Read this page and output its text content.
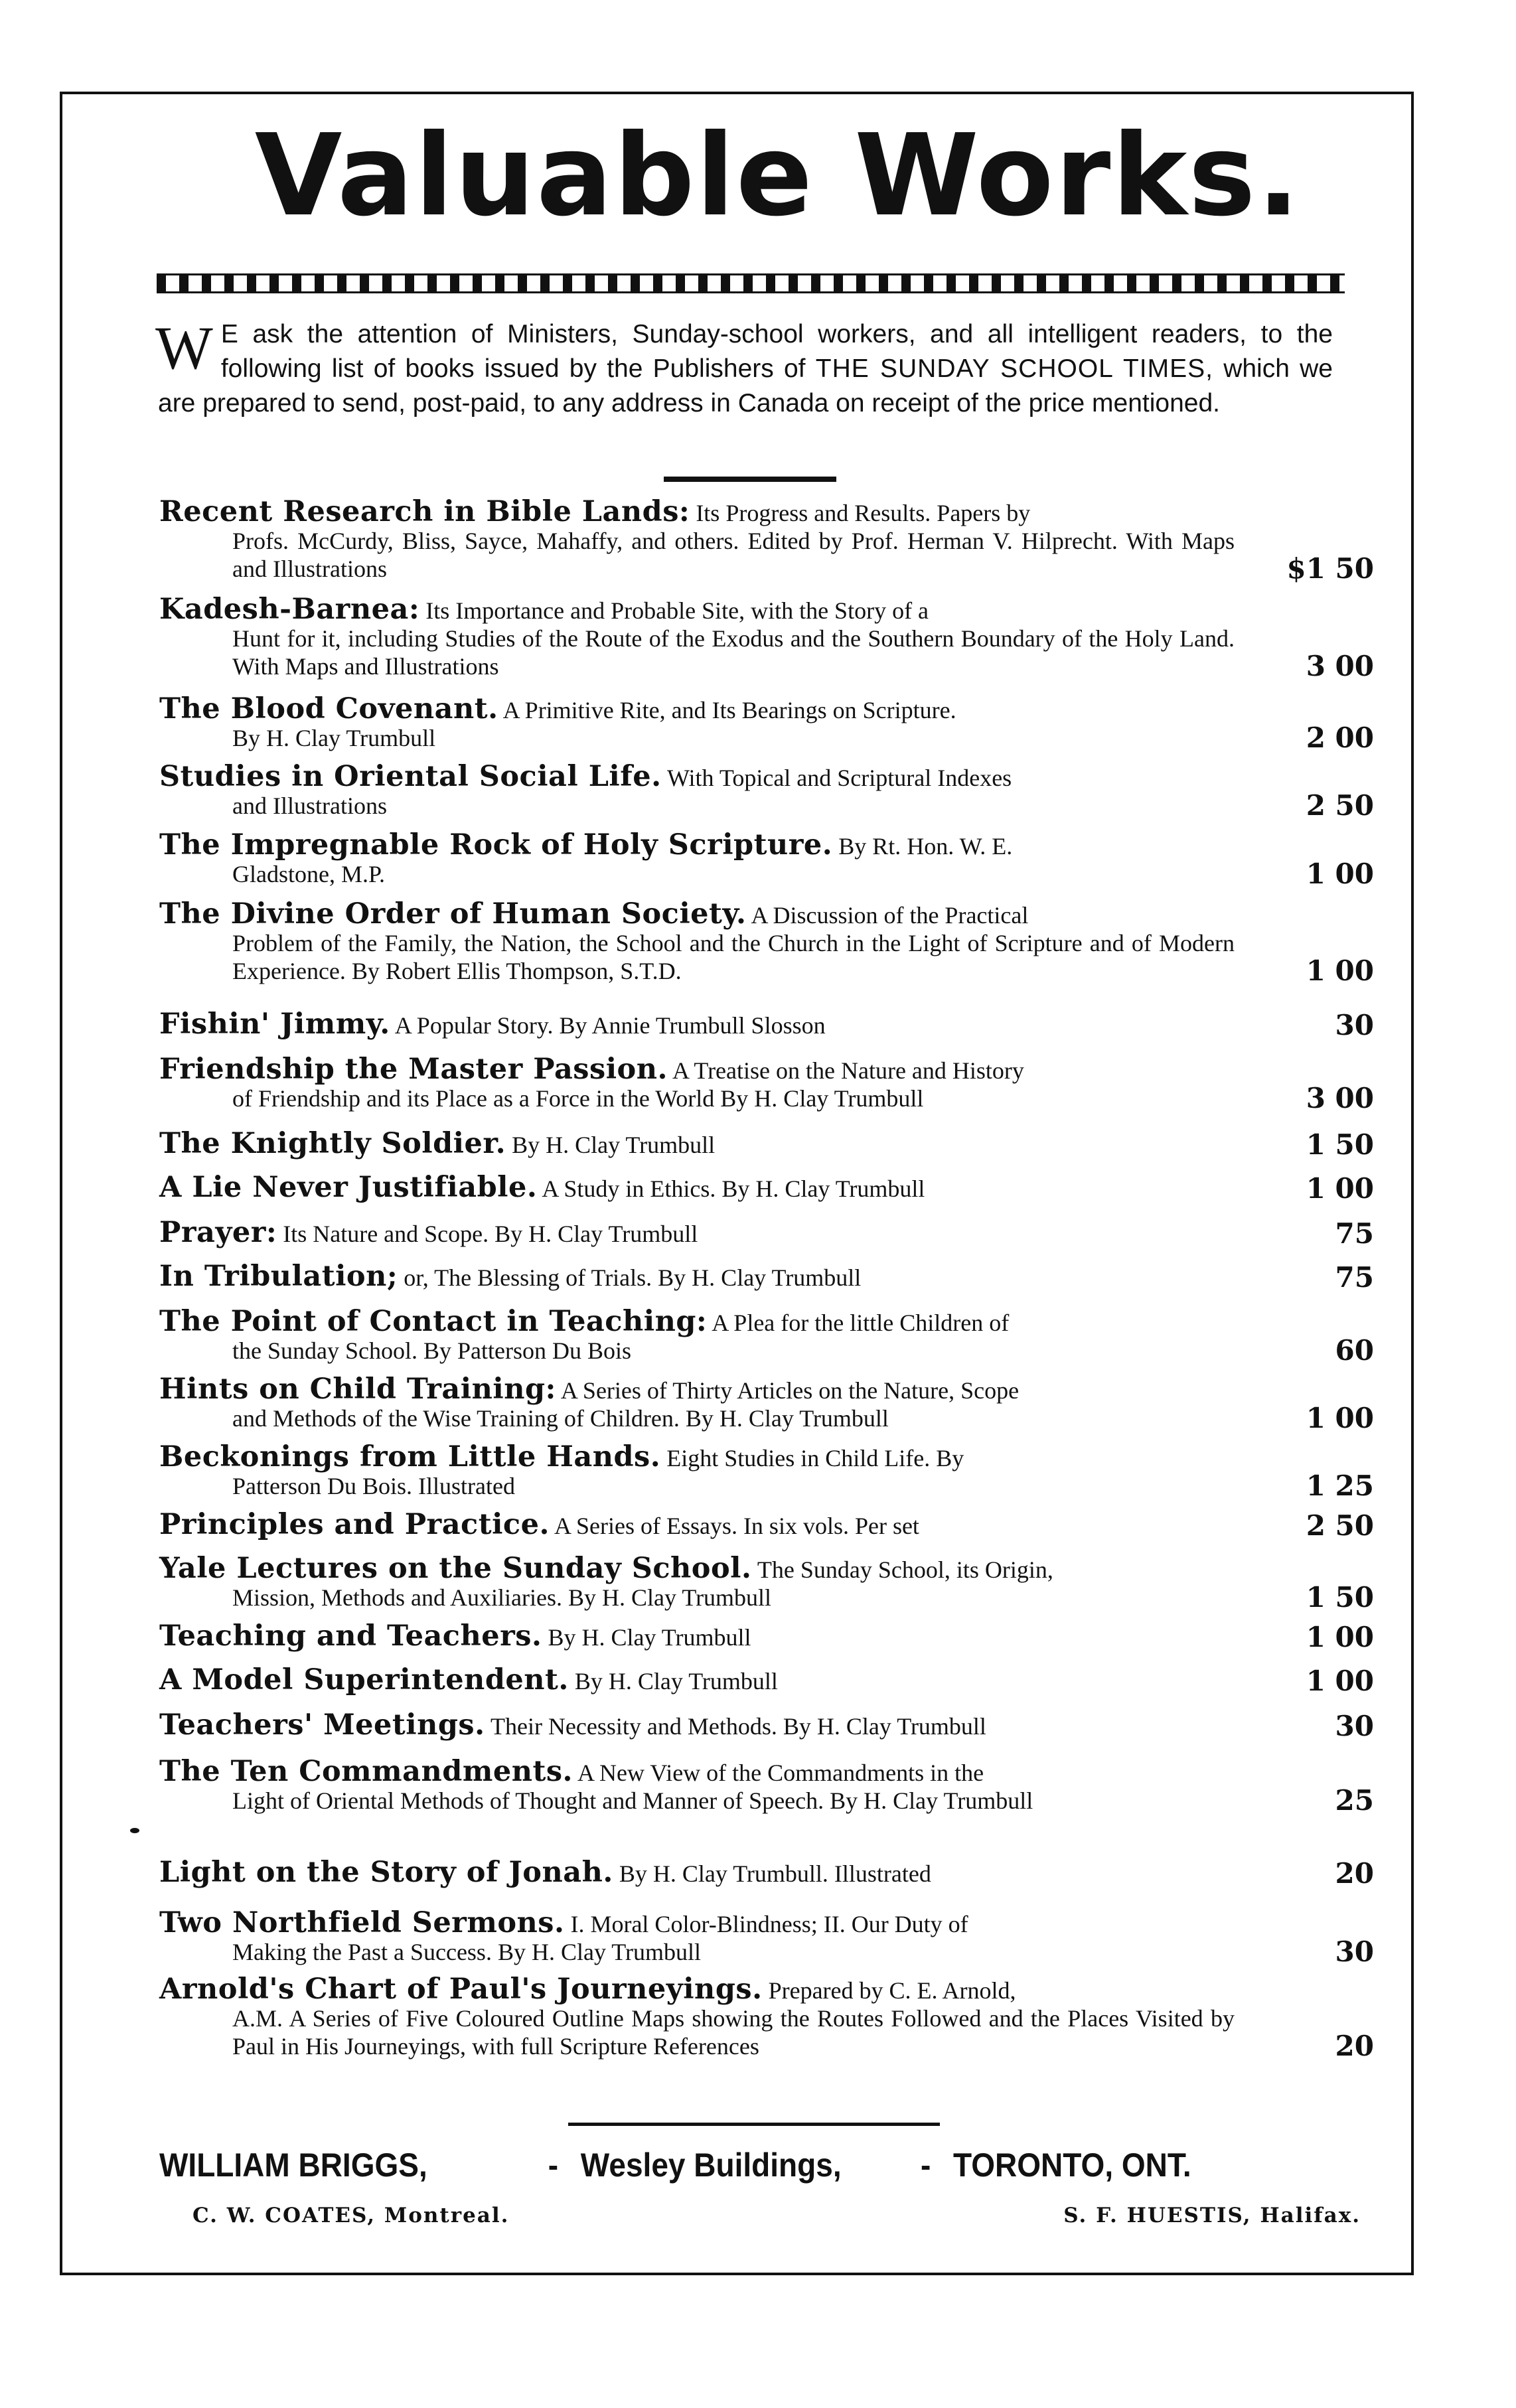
Valuable Works.

W E ask the attention of Ministers, Sunday-school workers, and all intelligent readers, to the following list of books issued by the Publishers of THE SUNDAY SCHOOL TIMES, which we are prepared to send, post-paid, to any address in Canada on receipt of the price mentioned.

Recent Research in Bible Lands: Its Progress and Results. Papers by
Profs. McCurdy, Bliss, Sayce, Mahaffy, and others. Edited by Prof. Herman V. Hilprecht. With Maps and Illustrations	$1 50
Kadesh-Barnea: Its Importance and Probable Site, with the Story of a
Hunt for it, including Studies of the Route of the Exodus and the Southern Boundary of the Holy Land. With Maps and Illustrations	3 00
The Blood Covenant. A Primitive Rite, and Its Bearings on Scripture.
By H. Clay Trumbull	2 00
Studies in Oriental Social Life. With Topical and Scriptural Indexes
and Illustrations	2 50
The Impregnable Rock of Holy Scripture. By Rt. Hon. W. E.
Gladstone, M.P.	1 00
The Divine Order of Human Society. A Discussion of the Practical
Problem of the Family, the Nation, the School and the Church in the Light of Scripture and of Modern Experience. By Robert Ellis Thompson, S.T.D.	1 00
Fishin' Jimmy. A Popular Story. By Annie Trumbull Slosson	30
Friendship the Master Passion. A Treatise on the Nature and History
of Friendship and its Place as a Force in the World By H. Clay Trumbull	3 00
The Knightly Soldier. By H. Clay Trumbull	1 50
A Lie Never Justifiable. A Study in Ethics. By H. Clay Trumbull	1 00
Prayer: Its Nature and Scope. By H. Clay Trumbull	75
In Tribulation; or, The Blessing of Trials. By H. Clay Trumbull	75
The Point of Contact in Teaching: A Plea for the little Children of
the Sunday School. By Patterson Du Bois	60
Hints on Child Training: A Series of Thirty Articles on the Nature, Scope
and Methods of the Wise Training of Children. By H. Clay Trumbull	1 00
Beckonings from Little Hands. Eight Studies in Child Life. By
Patterson Du Bois. Illustrated	1 25
Principles and Practice. A Series of Essays. In six vols. Per set	2 50
Yale Lectures on the Sunday School. The Sunday School, its Origin,
Mission, Methods and Auxiliaries. By H. Clay Trumbull	1 50
Teaching and Teachers. By H. Clay Trumbull	1 00
A Model Superintendent. By H. Clay Trumbull	1 00
Teachers' Meetings. Their Necessity and Methods. By H. Clay Trumbull	30
The Ten Commandments. A New View of the Commandments in the
Light of Oriental Methods of Thought and Manner of Speech. By H. Clay Trumbull	25
Light on the Story of Jonah. By H. Clay Trumbull. Illustrated	20
Two Northfield Sermons. I. Moral Color-Blindness; II. Our Duty of
Making the Past a Success. By H. Clay Trumbull	30
Arnold's Chart of Paul's Journeyings. Prepared by C. E. Arnold,
A.M. A Series of Five Coloured Outline Maps showing the Routes Followed and the Places Visited by Paul in His Journeyings, with full Scripture References	20
WILLIAM BRIGGS,	- Wesley Buildings, - TORONTO, ONT.
C. W. COATES, Montreal.	S. F. HUESTIS, Halifax.
